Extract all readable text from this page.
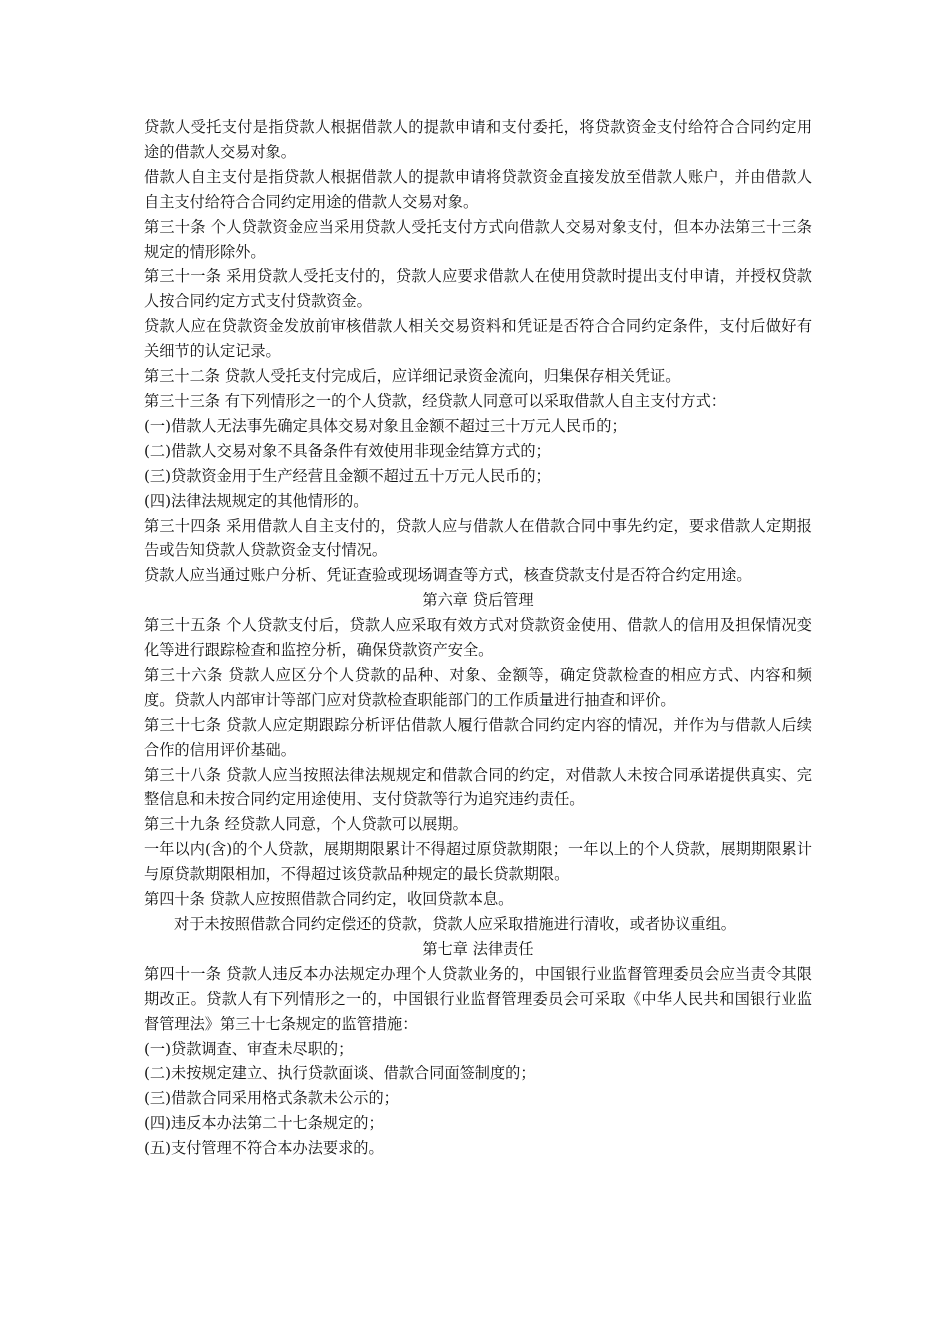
贷款人受托支付是指贷款人根据借款人的提款申请和支付委托，将贷款资金支付给符合合同约定用途的借款人交易对象。

借款人自主支付是指贷款人根据借款人的提款申请将贷款资金直接发放至借款人账户，并由借款人自主支付给符合合同约定用途的借款人交易对象。

第三十条 个人贷款资金应当采用贷款人受托支付方式向借款人交易对象支付，但本办法第三十三条规定的情形除外。

第三十一条 采用贷款人受托支付的，贷款人应要求借款人在使用贷款时提出支付申请，并授权贷款人按合同约定方式支付贷款资金。

贷款人应在贷款资金发放前审核借款人相关交易资料和凭证是否符合合同约定条件，支付后做好有关细节的认定记录。

第三十二条 贷款人受托支付完成后，应详细记录资金流向，归集保存相关凭证。

第三十三条 有下列情形之一的个人贷款，经贷款人同意可以采取借款人自主支付方式：

(一)借款人无法事先确定具体交易对象且金额不超过三十万元人民币的；

(二)借款人交易对象不具备条件有效使用非现金结算方式的；

(三)贷款资金用于生产经营且金额不超过五十万元人民币的；

(四)法律法规规定的其他情形的。

第三十四条 采用借款人自主支付的，贷款人应与借款人在借款合同中事先约定，要求借款人定期报告或告知贷款人贷款资金支付情况。

贷款人应当通过账户分析、凭证查验或现场调查等方式，核查贷款支付是否符合约定用途。

第六章 贷后管理

第三十五条 个人贷款支付后，贷款人应采取有效方式对贷款资金使用、借款人的信用及担保情况变化等进行跟踪检查和监控分析，确保贷款资产安全。

第三十六条 贷款人应区分个人贷款的品种、对象、金额等，确定贷款检查的相应方式、内容和频度。贷款人内部审计等部门应对贷款检查职能部门的工作质量进行抽查和评价。

第三十七条 贷款人应定期跟踪分析评估借款人履行借款合同约定内容的情况，并作为与借款人后续合作的信用评价基础。

第三十八条 贷款人应当按照法律法规规定和借款合同的约定，对借款人未按合同承诺提供真实、完整信息和未按合同约定用途使用、支付贷款等行为追究违约责任。

第三十九条 经贷款人同意，个人贷款可以展期。

一年以内(含)的个人贷款，展期期限累计不得超过原贷款期限；一年以上的个人贷款，展期期限累计与原贷款期限相加，不得超过该贷款品种规定的最长贷款期限。

第四十条 贷款人应按照借款合同约定，收回贷款本息。

对于未按照借款合同约定偿还的贷款，贷款人应采取措施进行清收，或者协议重组。

第七章 法律责任

第四十一条 贷款人违反本办法规定办理个人贷款业务的，中国银行业监督管理委员会应当责令其限期改正。贷款人有下列情形之一的，中国银行业监督管理委员会可采取《中华人民共和国银行业监督管理法》第三十七条规定的监管措施：

(一)贷款调查、审查未尽职的；

(二)未按规定建立、执行贷款面谈、借款合同面签制度的；

(三)借款合同采用格式条款未公示的；

(四)违反本办法第二十七条规定的；

(五)支付管理不符合本办法要求的。
